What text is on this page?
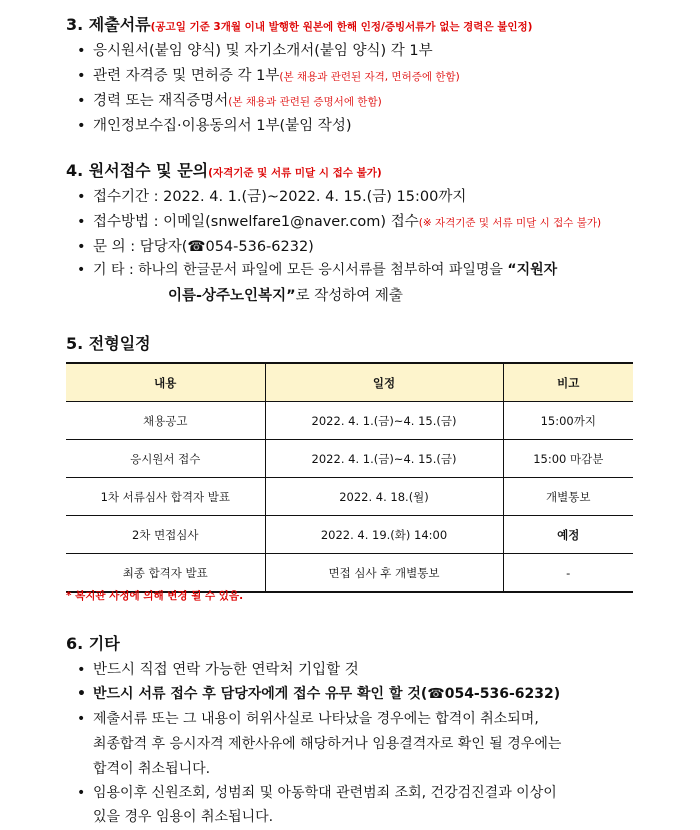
3. 제출서류(공고일 기준 3개월 이내 발행한 원본에 한해 인정/증빙서류가 없는 경력은 불인정)
• 응시원서(붙임 양식) 및 자기소개서(붙임 양식) 각 1부
• 관련 자격증 및 면허증 각 1부(본 채용과 관련된 자격, 면허증에 한함)
• 경력 또는 재직증명서(본 채용과 관련된 증명서에 한함)
• 개인정보수집·이용동의서 1부(붙임 작성)
4. 원서접수 및 문의(자격기준 및 서류 미달 시 접수 불가)
• 접수기간 : 2022. 4. 1.(금)~2022. 4. 15.(금) 15:00까지
• 접수방법 : 이메일(snwelfare1@naver.com) 접수(※ 자격기준 및 서류 미달 시 접수 불가)
• 문 의 : 담당자(☎054-536-6232)
• 기 타 : 하나의 한글문서 파일에 모든 응시서류를 첨부하여 파일명을 “지원자
이름-상주노인복지”로 작성하여 제출
5. 전형일정
내용	일정	비고
채용공고	2022. 4. 1.(금)~4. 15.(금)	15:00까지
응시원서 접수	2022. 4. 1.(금)~4. 15.(금)	15:00 마감분
1차 서류심사 합격자 발표	2022. 4. 18.(월)	개별통보
2차 면접심사	2022. 4. 19.(화) 14:00	예정
최종 합격자 발표	면접 심사 후 개별통보	-
* 복지관 사정에 의해 변경 될 수 있음.
6. 기타
• 반드시 직접 연락 가능한 연락처 기입할 것
• 반드시 서류 접수 후 담당자에게 접수 유무 확인 할 것(☎054-536-6232)
• 제출서류 또는 그 내용이 허위사실로 나타났을 경우에는 합격이 취소되며,
최종합격 후 응시자격 제한사유에 해당하거나 임용결격자로 확인 될 경우에는
합격이 취소됩니다.
• 임용이후 신원조회, 성범죄 및 아동학대 관련범죄 조회, 건강검진결과 이상이
있을 경우 임용이 취소됩니다.
